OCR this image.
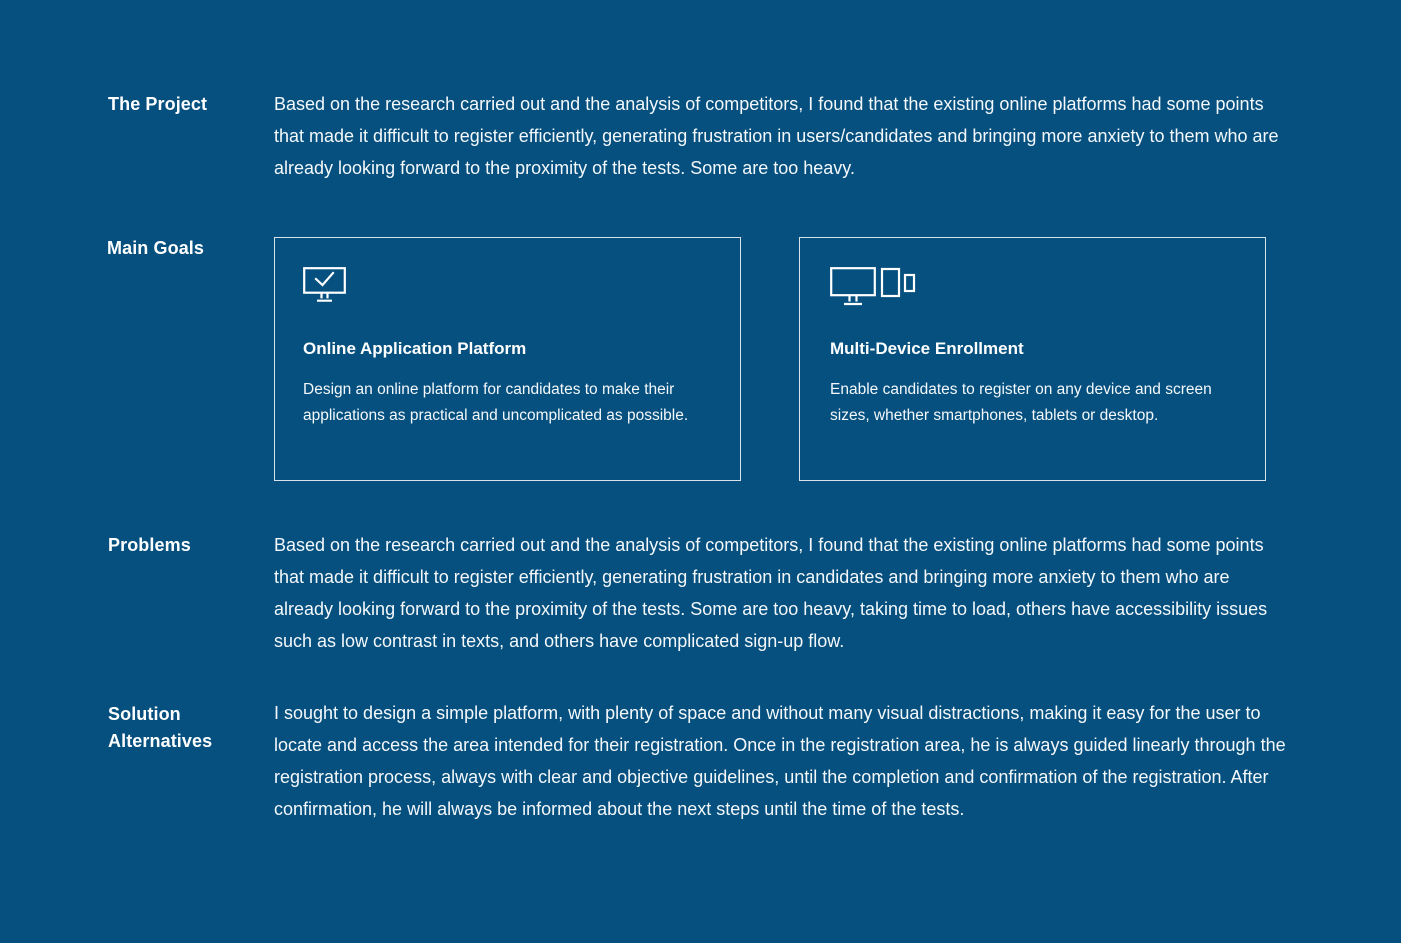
The Project	Based on the research carried out and the analysis of competitors, I found that the existing online platforms had some points that made it difficult to register efficiently, generating frustration in users/candidates and bringing more anxiety to them who are already looking forward to the proximity of the tests. Some are too heavy.

Main Goals
Online Application Platform

Design an online platform for candidates to make their applications as practical and uncomplicated as possible.

Multi-Device Enrollment

Enable candidates to register on any device and screen sizes, whether smartphones, tablets or desktop.

Problems	Based on the research carried out and the analysis of competitors, I found that the existing online platforms had some points that made it difficult to register efficiently, generating frustration in candidates and bringing more anxiety to them who are already looking forward to the proximity of the tests. Some are too heavy, taking time to load, others have accessibility issues such as low contrast in texts, and others have complicated sign-up flow.

Solution
Alternatives

I sought to design a simple platform, with plenty of space and without many visual distractions, making it easy for the user to locate and access the area intended for their registration. Once in the registration area, he is always guided linearly through the registration process, always with clear and objective guidelines, until the completion and confirmation of the registration. After confirmation, he will always be informed about the next steps until the time of the tests.
